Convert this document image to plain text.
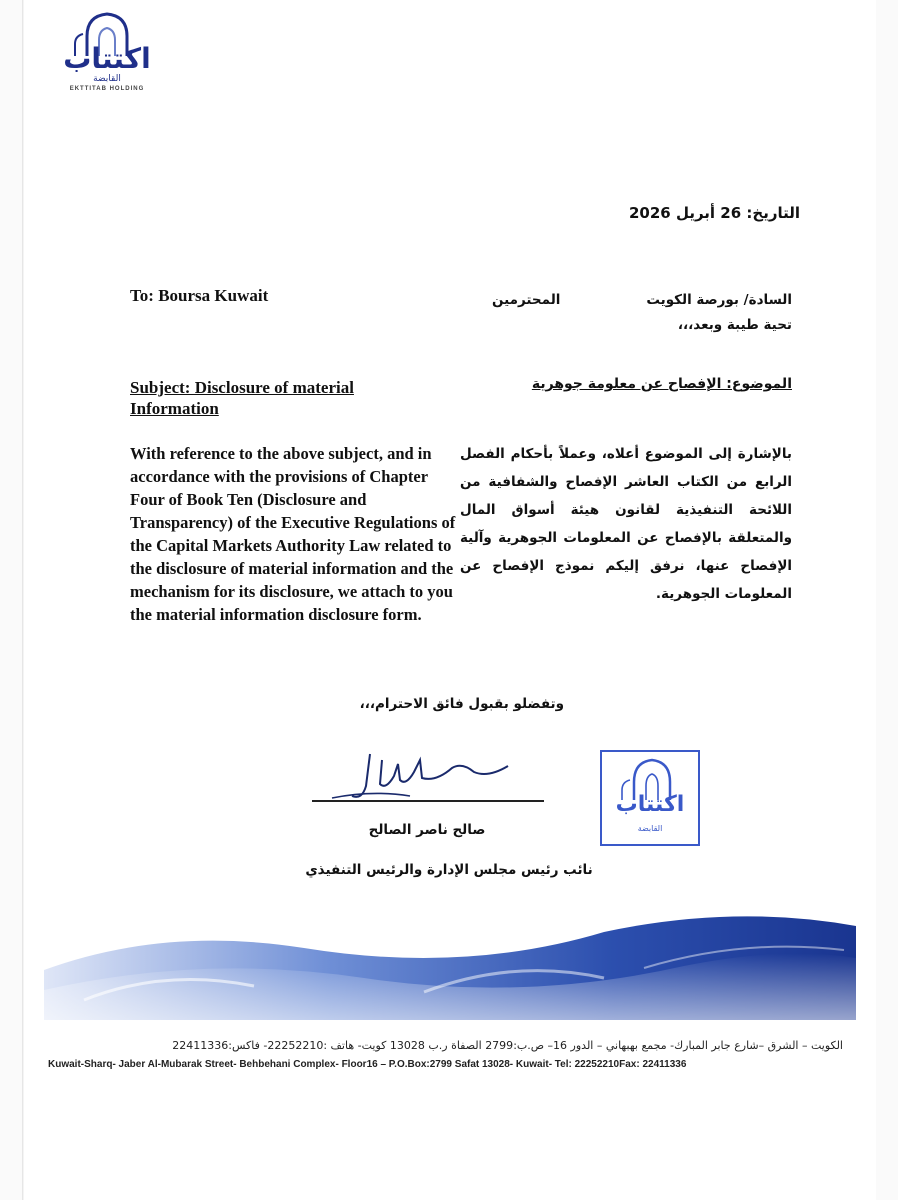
اكتتاب
القابضة
EKTTITAB HOLDING
التاريخ: 26 أبريل 2026
To: Boursa Kuwait	السادة/ بورصة الكويت
المحترمين
تحية طيبة وبعد،،،
Subject: Disclosure of material Information
الموضوع: الإفصاح عن معلومة جوهرية
With reference to the above subject, and in accordance with the provisions of Chapter Four of Book Ten (Disclosure and Transparency) of the Executive Regulations of the Capital Markets Authority Law related to the disclosure of material information and the mechanism for its disclosure, we attach to you the material information disclosure form.
بالإشارة إلى الموضوع أعلاه، وعملاً بأحكام الفصل الرابع من الكتاب العاشر الإفصاح والشفافية من اللائحة التنفيذية لقانون هيئة أسواق المال والمتعلقة بالإفصاح عن المعلومات الجوهرية وآلية الإفصاح عنها، نرفق إليكم نموذج الإفصاح عن المعلومات الجوهرية.
وتفضلو بقبول فائق الاحترام،،،
صالح ناصر الصالح
نائب رئيس مجلس الإدارة والرئيس التنفيذي
اكتتاب
القابضة
الكويت – الشرق –شارع جابر المبارك- مجمع بهبهاني – الدور 16– ص.ب:2799 الصفاة ر.ب 13028 كويت- هاتف :22252210- فاكس:22411336
Kuwait-Sharq- Jaber Al-Mubarak Street- Behbehani Complex- Floor16 – P.O.Box:2799 Safat 13028- Kuwait- Tel: 22252210Fax: 22411336
